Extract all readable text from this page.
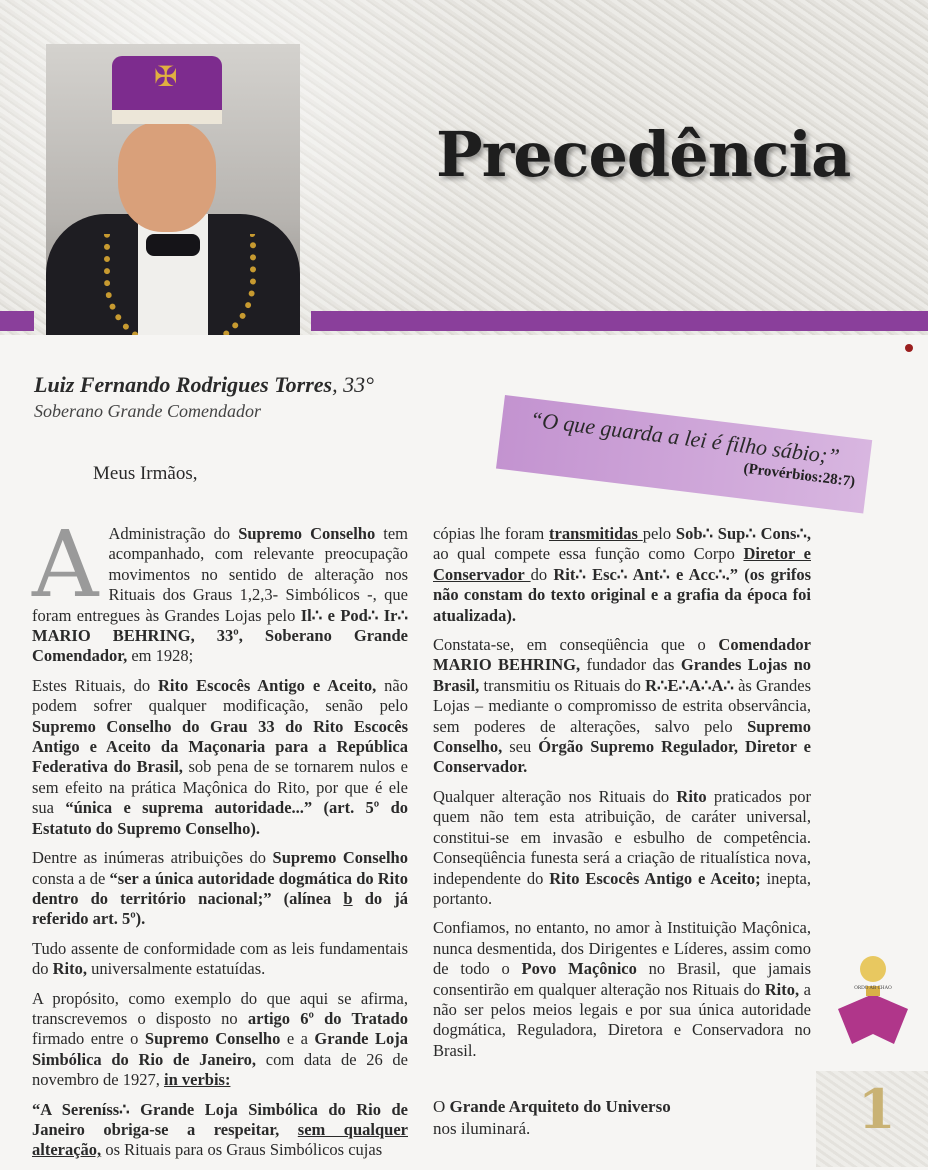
✠
Precedência
Luiz Fernando Rodrigues Torres, 33°
Soberano Grande Comendador	“O que guarda a lei é filho sábio;”
(Provérbios:28:7)
Meus Irmãos,

A Administração do Supremo Conselho tem acompanhado, com relevante preocupação movimentos no sentido de alteração nos Rituais dos Graus 1,2,3- Simbólicos -, que foram entregues às Grandes Lojas pelo Il∴ e Pod∴ Ir∴ MARIO BEHRING, 33º, Soberano Grande Comendador, em 1928;

Estes Rituais, do Rito Escocês Antigo e Aceito, não podem sofrer qualquer modificação, senão pelo Supremo Conselho do Grau 33 do Rito Escocês Antigo e Aceito da Maçonaria para a República Federativa do Brasil, sob pena de se tornarem nulos e sem efeito na prática Maçônica do Rito, por que é ele sua “única e suprema autoridade...” (art. 5º do Estatuto do Supremo Conselho).

Dentre as inúmeras atribuições do Supremo Conselho consta a de “ser a única autoridade dogmática do Rito dentro do território nacional;” (alínea b do já referido art. 5º).

Tudo assente de conformidade com as leis fundamentais do Rito, universalmente estatuídas.

A propósito, como exemplo do que aqui se afirma, transcrevemos o disposto no artigo 6º do Tratado firmado entre o Supremo Conselho e a Grande Loja Simbólica do Rio de Janeiro, com data de 26 de novembro de 1927, in verbis:

“A Sereníss∴ Grande Loja Simbólica do Rio de Janeiro obriga-se a respeitar, sem qualquer alteração, os Rituais para os Graus Simbólicos cujas

cópias lhe foram transmitidas pelo Sob∴ Sup∴ Cons∴, ao qual compete essa função como Corpo Diretor e Conservador do Rit∴ Esc∴ Ant∴ e Acc∴.” (os grifos não constam do texto original e a grafia da época foi atualizada).

Constata-se, em conseqüência que o Comendador MARIO BEHRING, fundador das Grandes Lojas no Brasil, transmitiu os Rituais do R∴E∴A∴A∴ às Grandes Lojas – mediante o compromisso de estrita observância, sem poderes de alterações, salvo pelo Supremo Conselho, seu Órgão Supremo Regulador, Diretor e Conservador.

Qualquer alteração nos Rituais do Rito praticados por quem não tem esta atribuição, de caráter universal, constitui-se em invasão e esbulho de competência. Conseqüência funesta será a criação de ritualística nova, independente do Rito Escocês Antigo e Aceito; inepta, portanto.

Confiamos, no entanto, no amor à Instituição Maçônica, nunca desmentida, dos Dirigentes e Líderes, assim como de todo o Povo Maçônico no Brasil, que jamais consentirão em qualquer alteração nos Rituais do Rito, a não ser pelos meios legais e por sua única autoridade dogmática, Reguladora, Diretora e Conservadora no Brasil.

O Grande Arquiteto do Universo
nos iluminará.
ORDO AB CHAO
1
